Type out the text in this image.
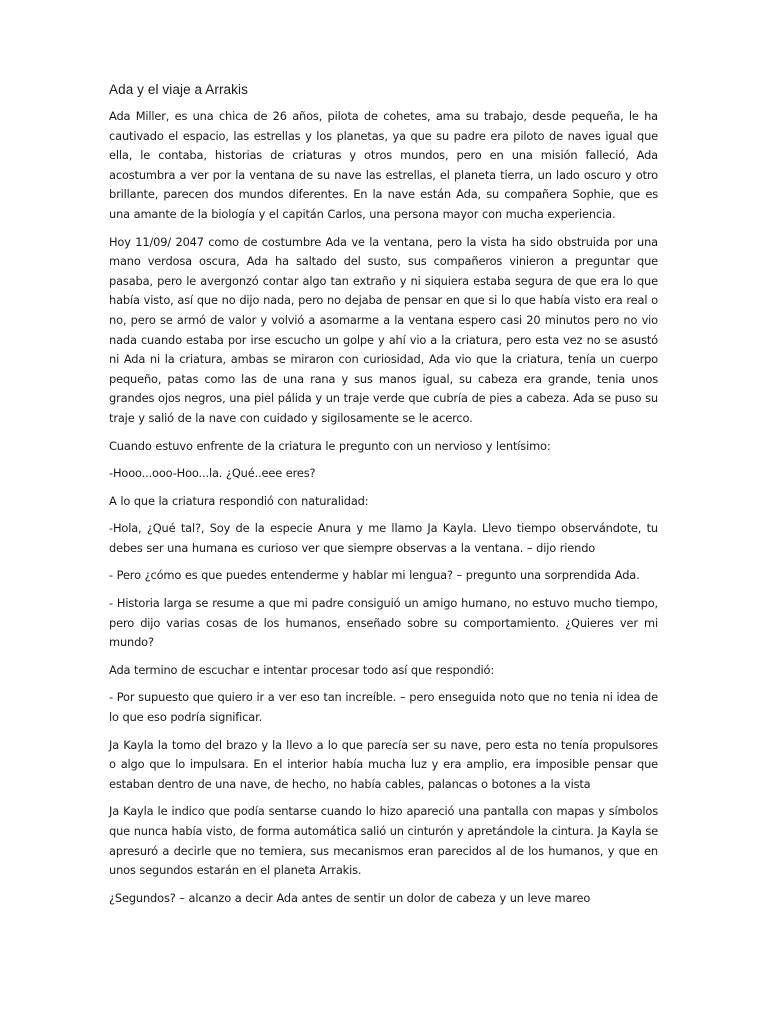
Ada y el viaje a Arrakis

Ada Miller, es una chica de 26 años, pilota de cohetes, ama su trabajo, desde pequeña, le ha cautivado el espacio, las estrellas y los planetas, ya que su padre era piloto de naves igual que ella, le contaba, historias de criaturas y otros mundos, pero en una misión falleció, Ada acostumbra a ver por la ventana de su nave las estrellas, el planeta tierra, un lado oscuro y otro brillante, parecen dos mundos diferentes. En la nave están Ada, su compañera Sophie, que es una amante de la biología y el capitán Carlos, una persona mayor con mucha experiencia.

Hoy 11/09/ 2047 como de costumbre Ada ve la ventana, pero la vista ha sido obstruida por una mano verdosa oscura, Ada ha saltado del susto, sus compañeros vinieron a preguntar que pasaba, pero le avergonzó contar algo tan extraño y ni siquiera estaba segura de que era lo que había visto, así que no dijo nada, pero no dejaba de pensar en que si lo que había visto era real o no, pero se armó de valor y volvió a asomarme a la ventana espero casi 20 minutos pero no vio nada cuando estaba por irse escucho un golpe y ahí vio a la criatura, pero esta vez no se asustó ni Ada ni la criatura, ambas se miraron con curiosidad, Ada vio que la criatura, tenía un cuerpo pequeño, patas como las de una rana y sus manos igual, su cabeza era grande, tenia unos grandes ojos negros, una piel pálida y un traje verde que cubría de pies a cabeza. Ada se puso su traje y salió de la nave con cuidado y sigilosamente se le acerco.

Cuando estuvo enfrente de la criatura le pregunto con un nervioso y lentísimo:

-Hooo...ooo-Hoo...la. ¿Qué..eee eres?

A lo que la criatura respondió con naturalidad:

-Hola, ¿Qué tal?, Soy de la especie Anura y me llamo Ja Kayla. Llevo tiempo observándote, tu debes ser una humana es curioso ver que siempre observas a la ventana. – dijo riendo

- Pero ¿cómo es que puedes entenderme y hablar mi lengua? – pregunto una sorprendida Ada.

- Historia larga se resume a que mi padre consiguió un amigo humano, no estuvo mucho tiempo, pero dijo varias cosas de los humanos, enseñado sobre su comportamiento. ¿Quieres ver mi mundo?

Ada termino de escuchar e intentar procesar todo así que respondió:

- Por supuesto que quiero ir a ver eso tan increíble. – pero enseguida noto que no tenia ni idea de lo que eso podría significar.

Ja Kayla la tomo del brazo y la llevo a lo que parecía ser su nave, pero esta no tenía propulsores o algo que lo impulsara. En el interior había mucha luz y era amplio, era imposible pensar que estaban dentro de una nave, de hecho, no había cables, palancas o botones a la vista

Ja Kayla le indico que podía sentarse cuando lo hizo apareció una pantalla con mapas y símbolos que nunca había visto, de forma automática salió un cinturón y apretándole la cintura. Ja Kayla se apresuró a decirle que no temiera, sus mecanismos eran parecidos al de los humanos, y que en unos segundos estarán en el planeta Arrakis.

¿Segundos? – alcanzo a decir Ada antes de sentir un dolor de cabeza y un leve mareo
